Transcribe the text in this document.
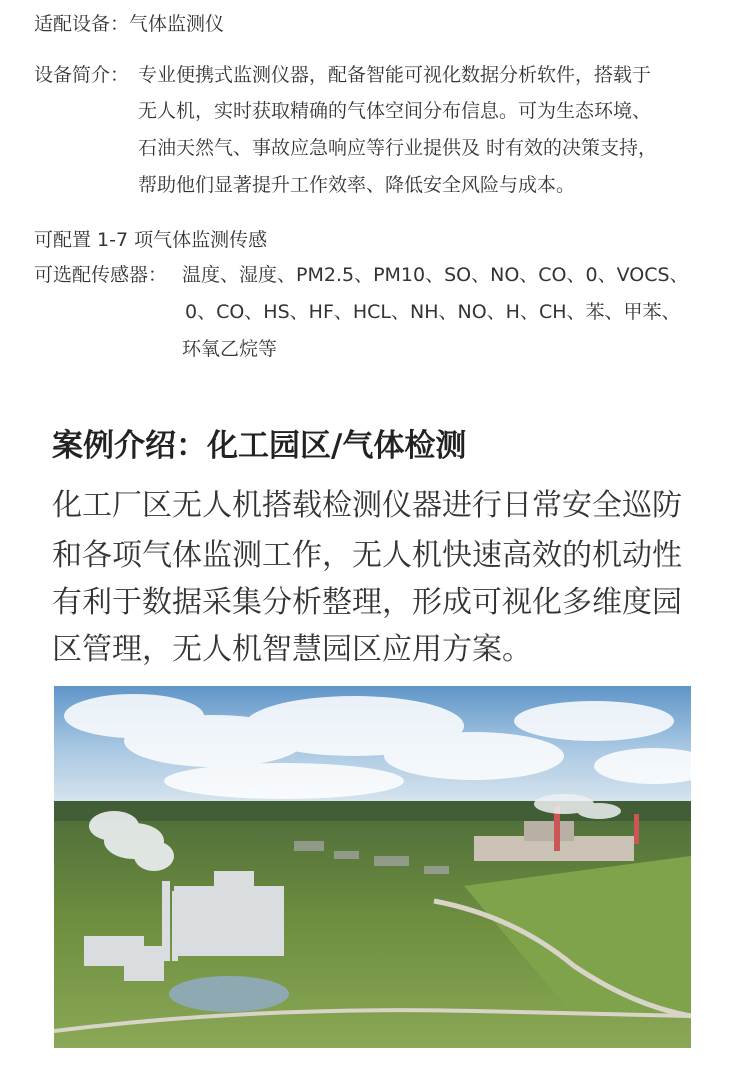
适配设备：气体监测仪
设备简介： 专业便携式监测仪器，配备智能可视化数据分析软件，搭载于
无人机，实时获取精确的气体空间分布信息。可为生态环境、
石油天然气、事故应急响应等行业提供及 时有效的决策支持，
帮助他们显著提升工作效率、降低安全风险与成本。
可配置 1-7 项气体监测传感
可选配传感器： 温度、湿度、PM2.5、PM10、SO、NO、CO、0、VOCS、
0、CO、HS、HF、HCL、NH、NO、H、CH、苯、甲苯、
环氧乙烷等
案例介绍：化工园区/气体检测
化工厂区无人机搭载检测仪器进行日常安全巡防
和各项气体监测工作，无人机快速高效的机动性
有利于数据采集分析整理，形成可视化多维度园
区管理，无人机智慧园区应用方案。
